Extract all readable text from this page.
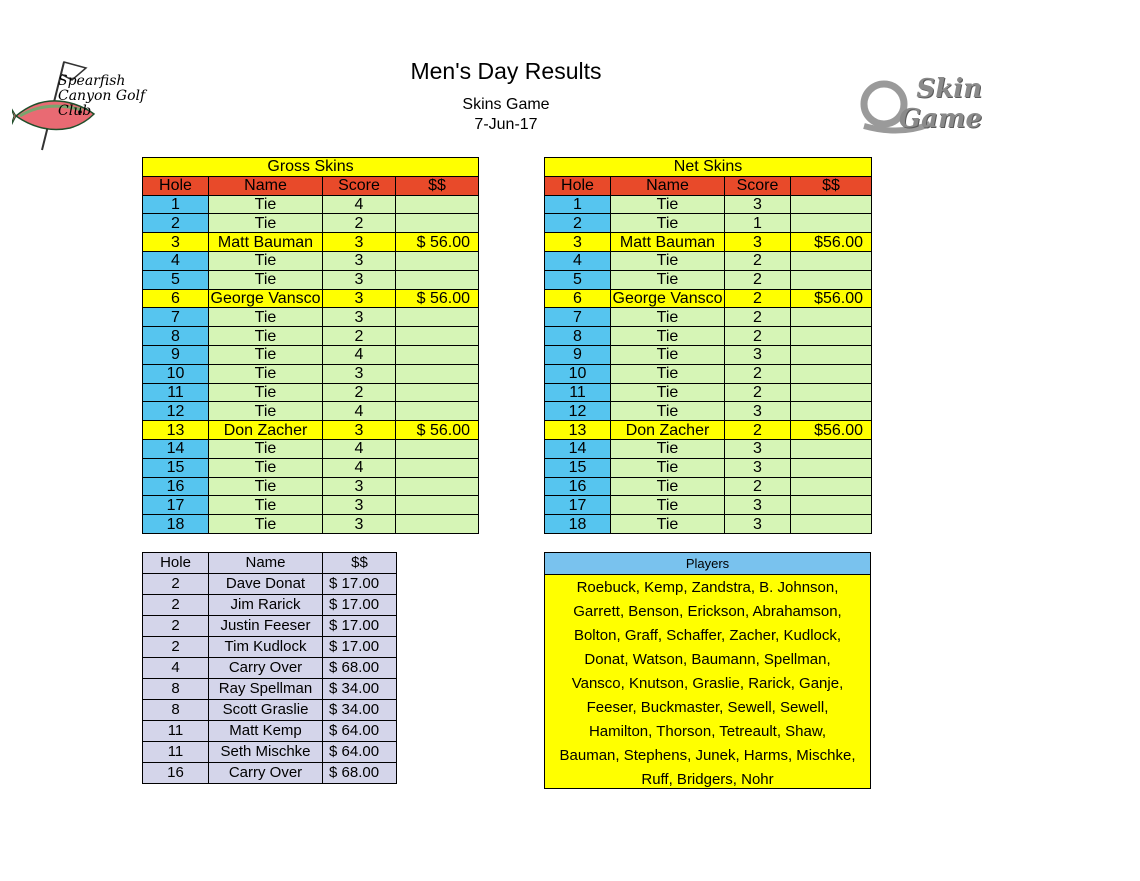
Spearfish Canyon Golf Club
Men's Day Results
Skins Game
7-Jun-17
Skin Game
Gross Skins			
Hole	Name	Score	$$
1	Tie	4	
2	Tie	2	
3	Matt Bauman	3	$ 56.00
4	Tie	3	
5	Tie	3	
6	George Vansco	3	$ 56.00
7	Tie	3	
8	Tie	2	
9	Tie	4	
10	Tie	3	
11	Tie	2	
12	Tie	4	
13	Don Zacher	3	$ 56.00
14	Tie	4	
15	Tie	4	
16	Tie	3	
17	Tie	3	
18	Tie	3	
Net Skins			
Hole	Name	Score	$$
1	Tie	3	
2	Tie	1	
3	Matt Bauman	3	$56.00
4	Tie	2	
5	Tie	2	
6	George Vansco	2	$56.00
7	Tie	2	
8	Tie	2	
9	Tie	3	
10	Tie	2	
11	Tie	2	
12	Tie	3	
13	Don Zacher	2	$56.00
14	Tie	3	
15	Tie	3	
16	Tie	2	
17	Tie	3	
18	Tie	3	
Hole	Name	$$
2	Dave Donat	$ 17.00
2	Jim Rarick	$ 17.00
2	Justin Feeser	$ 17.00
2	Tim Kudlock	$ 17.00
4	Carry Over	$ 68.00
8	Ray Spellman	$ 34.00
8	Scott Graslie	$ 34.00
11	Matt Kemp	$ 64.00
11	Seth Mischke	$ 64.00
16	Carry Over	$ 68.00
Players
Roebuck, Kemp, Zandstra, B. Johnson,
Garrett, Benson, Erickson, Abrahamson,
Bolton, Graff, Schaffer, Zacher, Kudlock,
Donat, Watson, Baumann, Spellman,
Vansco, Knutson, Graslie, Rarick, Ganje,
Feeser, Buckmaster, Sewell, Sewell,
Hamilton, Thorson, Tetreault, Shaw,
Bauman, Stephens, Junek, Harms, Mischke,
Ruff, Bridgers, Nohr
